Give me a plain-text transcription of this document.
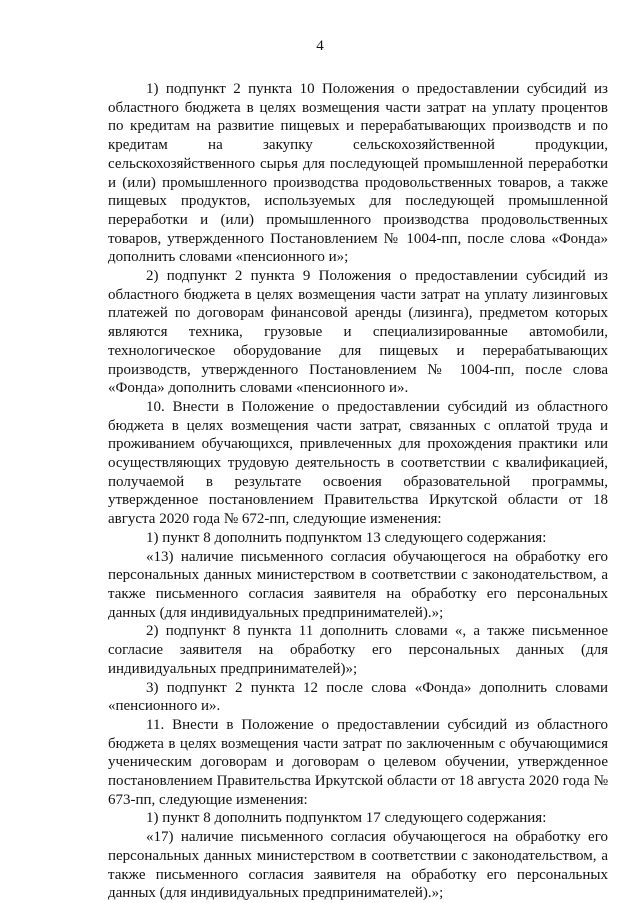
4

1) подпункт 2 пункта 10 Положения о предоставлении субсидий из областного бюджета в целях возмещения части затрат на уплату процентов по кредитам на развитие пищевых и перерабатывающих производств и по кредитам на закупку сельскохозяйственной продукции, сельскохозяйственного сырья для последующей промышленной переработки и (или) промышленного производства продовольственных товаров, а также пищевых продуктов, используемых для последующей промышленной переработки и (или) промышленного производства продовольственных товаров, утвержденного Постановлением № 1004-пп, после слова «Фонда» дополнить словами «пенсионного и»;

2) подпункт 2 пункта 9 Положения о предоставлении субсидий из областного бюджета в целях возмещения части затрат на уплату лизинговых платежей по договорам финансовой аренды (лизинга), предметом которых являются техника, грузовые и специализированные автомобили, технологическое оборудование для пищевых и перерабатывающих производств, утвержденного Постановлением № 1004-пп, после слова «Фонда» дополнить словами «пенсионного и».

10. Внести в Положение о предоставлении субсидий из областного бюджета в целях возмещения части затрат, связанных с оплатой труда и проживанием обучающихся, привлеченных для прохождения практики или осуществляющих трудовую деятельность в соответствии с квалификацией, получаемой в результате освоения образовательной программы, утвержденное постановлением Правительства Иркутской области от 18 августа 2020 года № 672-пп, следующие изменения:

1) пункт 8 дополнить подпунктом 13 следующего содержания:

«13) наличие письменного согласия обучающегося на обработку его персональных данных министерством в соответствии с законодательством, а также письменного согласия заявителя на обработку его персональных данных (для индивидуальных предпринимателей).»;

2) подпункт 8 пункта 11 дополнить словами «, а также письменное согласие заявителя на обработку его персональных данных (для индивидуальных предпринимателей)»;

3) подпункт 2 пункта 12 после слова «Фонда» дополнить словами «пенсионного и».

11. Внести в Положение о предоставлении субсидий из областного бюджета в целях возмещения части затрат по заключенным с обучающимися ученическим договорам и договорам о целевом обучении, утвержденное постановлением Правительства Иркутской области от 18 августа 2020 года № 673-пп, следующие изменения:

1) пункт 8 дополнить подпунктом 17 следующего содержания:

«17) наличие письменного согласия обучающегося на обработку его персональных данных министерством в соответствии с законодательством, а также письменного согласия заявителя на обработку его персональных данных (для индивидуальных предпринимателей).»;
